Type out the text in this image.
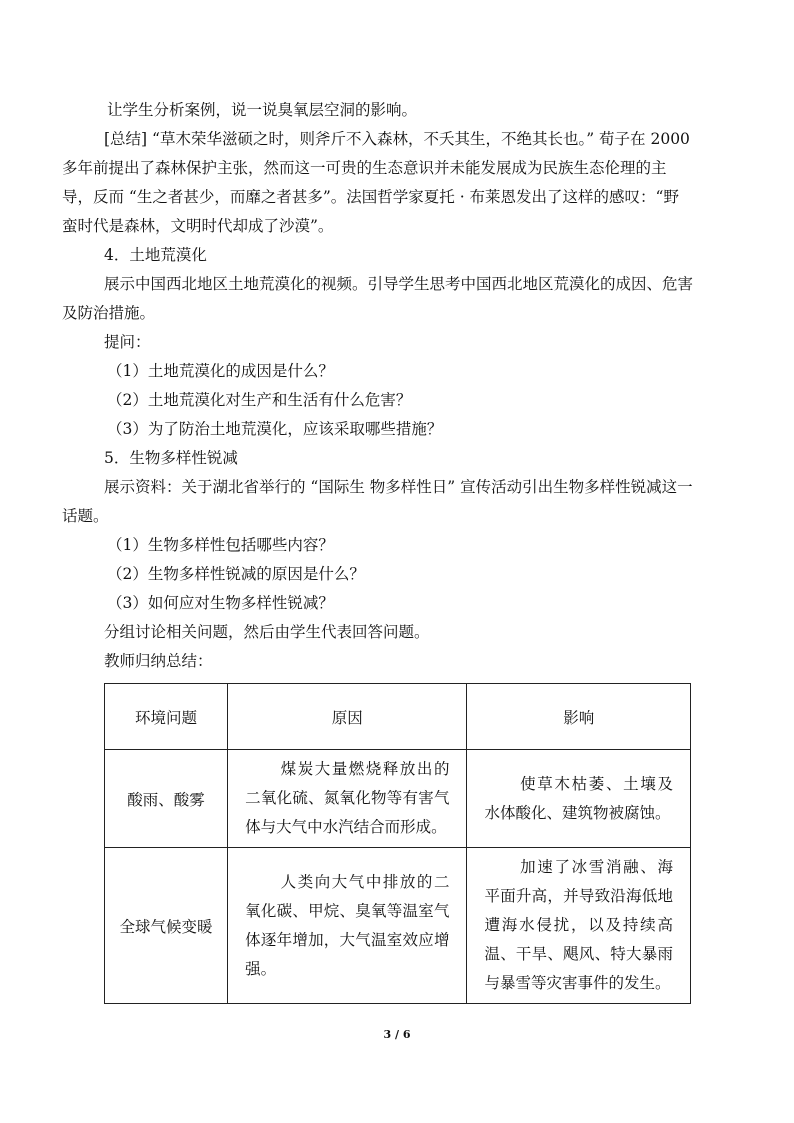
让学生分析案例，说一说臭氧层空洞的影响。

[总结] “草木荣华滋硕之时，则斧斤不入森林，不夭其生，不绝其长也。” 荀子在 2000

多年前提出了森林保护主张，然而这一可贵的生态意识并未能发展成为民族生态伦理的主

导，反而 “生之者甚少，而靡之者甚多”。法国哲学家夏托 · 布莱恩发出了这样的感叹：“野

蛮时代是森林，文明时代却成了沙漠”。

4．土地荒漠化

展示中国西北地区土地荒漠化的视频。引导学生思考中国西北地区荒漠化的成因、危害

及防治措施。

提问：

（1）土地荒漠化的成因是什么？

（2）土地荒漠化对生产和生活有什么危害？

（3）为了防治土地荒漠化，应该采取哪些措施？

5．生物多样性锐减

展示资料：关于湖北省举行的 “国际生 物多样性日” 宣传活动引出生物多样性锐减这一

话题。

（1）生物多样性包括哪些内容？

（2）生物多样性锐减的原因是什么？

（3）如何应对生物多样性锐减？

分组讨论相关问题，然后由学生代表回答问题。

教师归纳总结：

环境问题	原因	影响
酸雨、酸雾	煤炭大量燃烧释放出的二氧化硫、氮氧化物等有害气体与大气中水汽结合而形成。	使草木枯萎、土壤及水体酸化、建筑物被腐蚀。

全球气候变暖	人类向大气中排放的二氧化碳、甲烷、臭氧等温室气体逐年增加，大气温室效应增强。	加速了冰雪消融、海平面升高，并导致沿海低地遭海水侵扰，以及持续高温、干旱、飓风、特大暴雨与暴雪等灾害事件的发生。
3 / 6
